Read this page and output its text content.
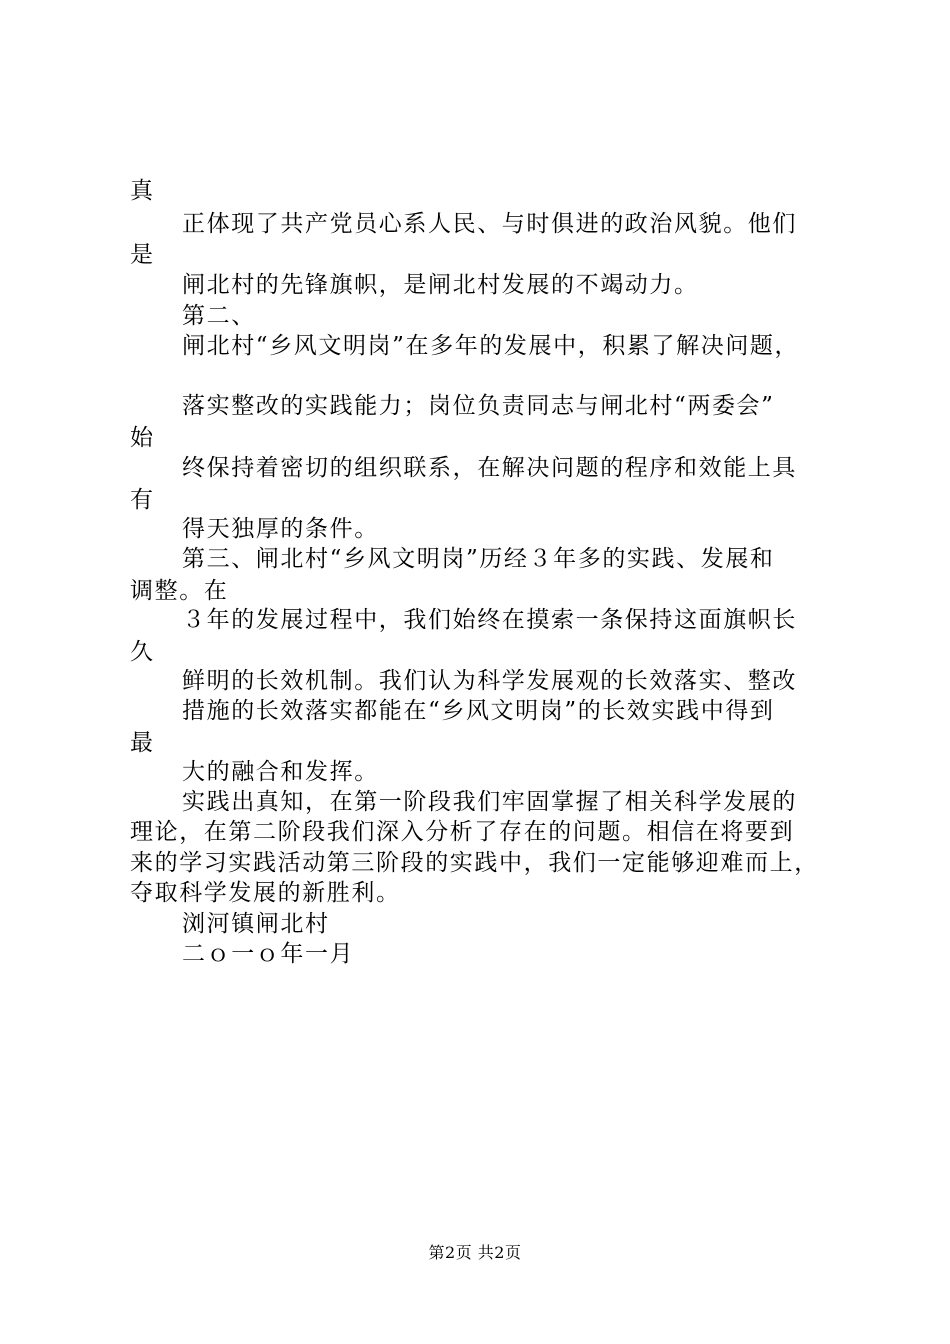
真
正体现了共产党员心系人民、与时俱进的政治风貌。他们
是
闸北村的先锋旗帜，是闸北村发展的不竭动力。
第二、
闸北村“乡风文明岗”在多年的发展中，积累了解决问题，
落实整改的实践能力；岗位负责同志与闸北村“两委会”
始
终保持着密切的组织联系，在解决问题的程序和效能上具
有
得天独厚的条件。
第三、闸北村“乡风文明岗”历经３年多的实践、发展和
调整。在
３年的发展过程中，我们始终在摸索一条保持这面旗帜长
久
鲜明的长效机制。我们认为科学发展观的长效落实、整改
措施的长效落实都能在“乡风文明岗”的长效实践中得到
最
大的融合和发挥。
实践出真知，在第一阶段我们牢固掌握了相关科学发展的
理论，在第二阶段我们深入分析了存在的问题。相信在将要到
来的学习实践活动第三阶段的实践中，我们一定能够迎难而上，
夺取科学发展的新胜利。
浏河镇闸北村
二ｏ一ｏ年一月
第2页 共2页
